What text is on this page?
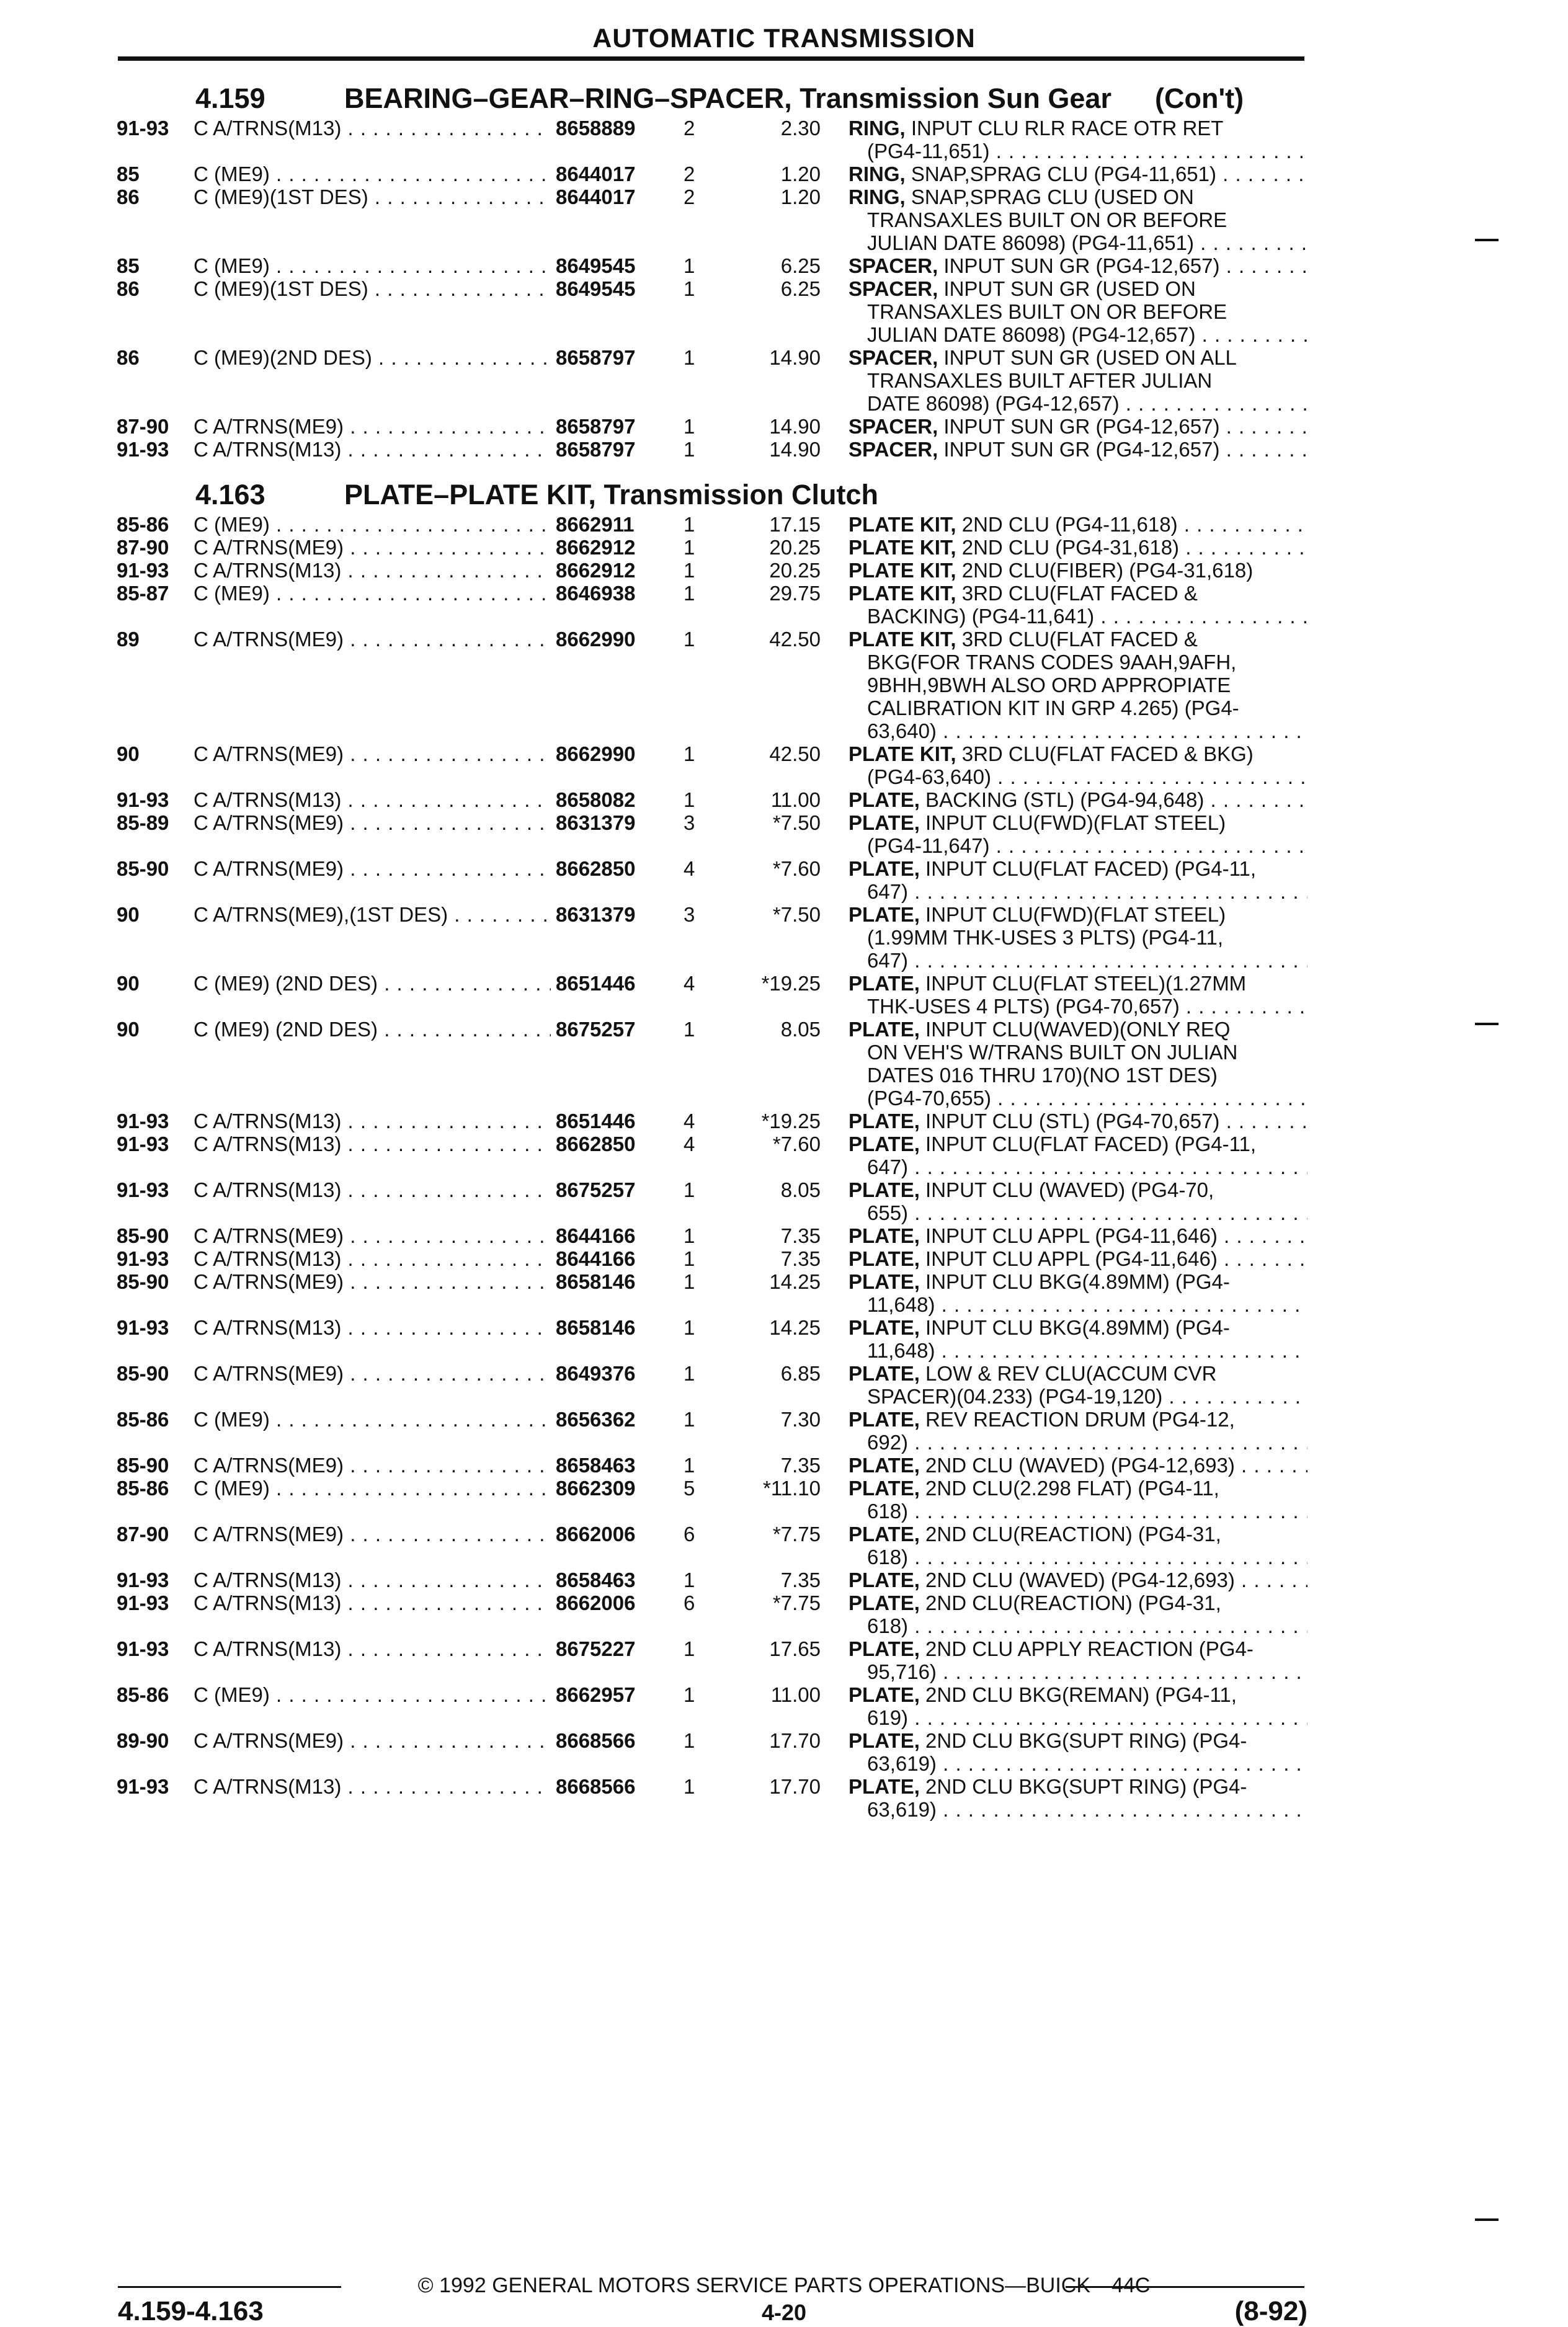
AUTOMATIC TRANSMISSION
4.159	BEARING–GEAR–RING–SPACER, Transmission Sun Gear (Con't)
91-93	C A/TRNS(M13) . . .	8658889	2	2.30 RING, INPUT CLU RLR RACE OTR RET
(PG4-11,651) . . .
85	C (ME9) . . .	8644017	2	1.20 RING, SNAP,SPRAG CLU (PG4-11,651) . . .
86	C (ME9)(1ST DES) . . .	8644017	2	1.20 RING, SNAP,SPRAG CLU (USED ON
TRANSAXLES BUILT ON OR BEFORE
JULIAN DATE 86098) (PG4-11,651) . . .
85	C (ME9) . . .	8649545	1	6.25 SPACER, INPUT SUN GR (PG4-12,657) . . .
86	C (ME9)(1ST DES) . . .	8649545	1	6.25 SPACER, INPUT SUN GR (USED ON
TRANSAXLES BUILT ON OR BEFORE
JULIAN DATE 86098) (PG4-12,657) . . .
86	C (ME9)(2ND DES) . . .	8658797	1	14.90 SPACER, INPUT SUN GR (USED ON ALL
TRANSAXLES BUILT AFTER JULIAN
DATE 86098) (PG4-12,657) . . .
87-90	C A/TRNS(ME9) . . .	8658797	1	14.90 SPACER, INPUT SUN GR (PG4-12,657) . . .
91-93	C A/TRNS(M13) . . .	8658797	1	14.90 SPACER, INPUT SUN GR (PG4-12,657) . . .
4.163	PLATE–PLATE KIT, Transmission Clutch
85-86	C (ME9) . . .	8662911	1	17.15 PLATE KIT, 2ND CLU (PG4-11,618) . . .
87-90	C A/TRNS(ME9) . . .	8662912	1	20.25 PLATE KIT, 2ND CLU (PG4-31,618) . . .
91-93	C A/TRNS(M13) . . .	8662912	1	20.25 PLATE KIT, 2ND CLU(FIBER) (PG4-31,618)
85-87	C (ME9) . . .	8646938	1	29.75 PLATE KIT, 3RD CLU(FLAT FACED &
BACKING) (PG4-11,641) . . .
89	C A/TRNS(ME9) . . .	8662990	1	42.50 PLATE KIT, 3RD CLU(FLAT FACED &
BKG(FOR TRANS CODES 9AAH,9AFH,
9BHH,9BWH ALSO ORD APPROPIATE
CALIBRATION KIT IN GRP 4.265) (PG4-
63,640) . . .
90	C A/TRNS(ME9) . . .	8662990	1	42.50 PLATE KIT, 3RD CLU(FLAT FACED & BKG)
(PG4-63,640) . . .
91-93	C A/TRNS(M13) . . .	8658082	1	11.00 PLATE, BACKING (STL) (PG4-94,648) . . .
85-89	C A/TRNS(ME9) . . .	8631379	3	*7.50 PLATE, INPUT CLU(FWD)(FLAT STEEL)
(PG4-11,647) . . .
85-90	C A/TRNS(ME9) . . .	8662850	4	*7.60 PLATE, INPUT CLU(FLAT FACED) (PG4-11,
647) . . .
90	C A/TRNS(ME9),(1ST DES) . . .	8631379	3	*7.50 PLATE, INPUT CLU(FWD)(FLAT STEEL)
(1.99MM THK-USES 3 PLTS) (PG4-11,
647) . . .
90	C (ME9) (2ND DES) . . .	8651446	4	*19.25 PLATE, INPUT CLU(FLAT STEEL)(1.27MM
THK-USES 4 PLTS) (PG4-70,657) . . .
90	C (ME9) (2ND DES) . . .	8675257	1	8.05 PLATE, INPUT CLU(WAVED)(ONLY REQ
ON VEH'S W/TRANS BUILT ON JULIAN
DATES 016 THRU 170)(NO 1ST DES)
(PG4-70,655) . . .
91-93	C A/TRNS(M13) . . .	8651446	4	*19.25 PLATE, INPUT CLU (STL) (PG4-70,657) . . .
91-93	C A/TRNS(M13) . . .	8662850	4	*7.60 PLATE, INPUT CLU(FLAT FACED) (PG4-11,
647) . . .
91-93	C A/TRNS(M13) . . .	8675257	1	8.05 PLATE, INPUT CLU (WAVED) (PG4-70,
655) . . .
85-90	C A/TRNS(ME9) . . .	8644166	1	7.35 PLATE, INPUT CLU APPL (PG4-11,646) . . .
91-93	C A/TRNS(M13) . . .	8644166	1	7.35 PLATE, INPUT CLU APPL (PG4-11,646) . . .
85-90	C A/TRNS(ME9) . . .	8658146	1	14.25 PLATE, INPUT CLU BKG(4.89MM) (PG4-
11,648) . . .
91-93	C A/TRNS(M13) . . .	8658146	1	14.25 PLATE, INPUT CLU BKG(4.89MM) (PG4-
11,648) . . .
85-90	C A/TRNS(ME9) . . .	8649376	1	6.85 PLATE, LOW & REV CLU(ACCUM CVR
SPACER)(04.233) (PG4-19,120) . . .
85-86	C (ME9) . . .	8656362	1	7.30 PLATE, REV REACTION DRUM (PG4-12,
692) . . .
85-90	C A/TRNS(ME9) . . .	8658463	1	7.35 PLATE, 2ND CLU (WAVED) (PG4-12,693) . . .
85-86	C (ME9) . . .	8662309	5	*11.10 PLATE, 2ND CLU(2.298 FLAT) (PG4-11,
618) . . .
87-90	C A/TRNS(ME9) . . .	8662006	6	*7.75 PLATE, 2ND CLU(REACTION) (PG4-31,
618) . . .
91-93	C A/TRNS(M13) . . .	8658463	1	7.35 PLATE, 2ND CLU (WAVED) (PG4-12,693) . . .
91-93	C A/TRNS(M13) . . .	8662006	6	*7.75 PLATE, 2ND CLU(REACTION) (PG4-31,
618) . . .
91-93	C A/TRNS(M13) . . .	8675227	1	17.65 PLATE, 2ND CLU APPLY REACTION (PG4-
95,716) . . .
85-86	C (ME9) . . .	8662957	1	11.00 PLATE, 2ND CLU BKG(REMAN) (PG4-11,
619) . . .
89-90	C A/TRNS(ME9) . . .	8668566	1	17.70 PLATE, 2ND CLU BKG(SUPT RING) (PG4-
63,619) . . .
91-93	C A/TRNS(M13) . . .	8668566	1	17.70 PLATE, 2ND CLU BKG(SUPT RING) (PG4-
63,619) . . .
© 1992 GENERAL MOTORS SERVICE PARTS OPERATIONS—BUICK—44C
4.159-4.163	4-20	(8-92)
